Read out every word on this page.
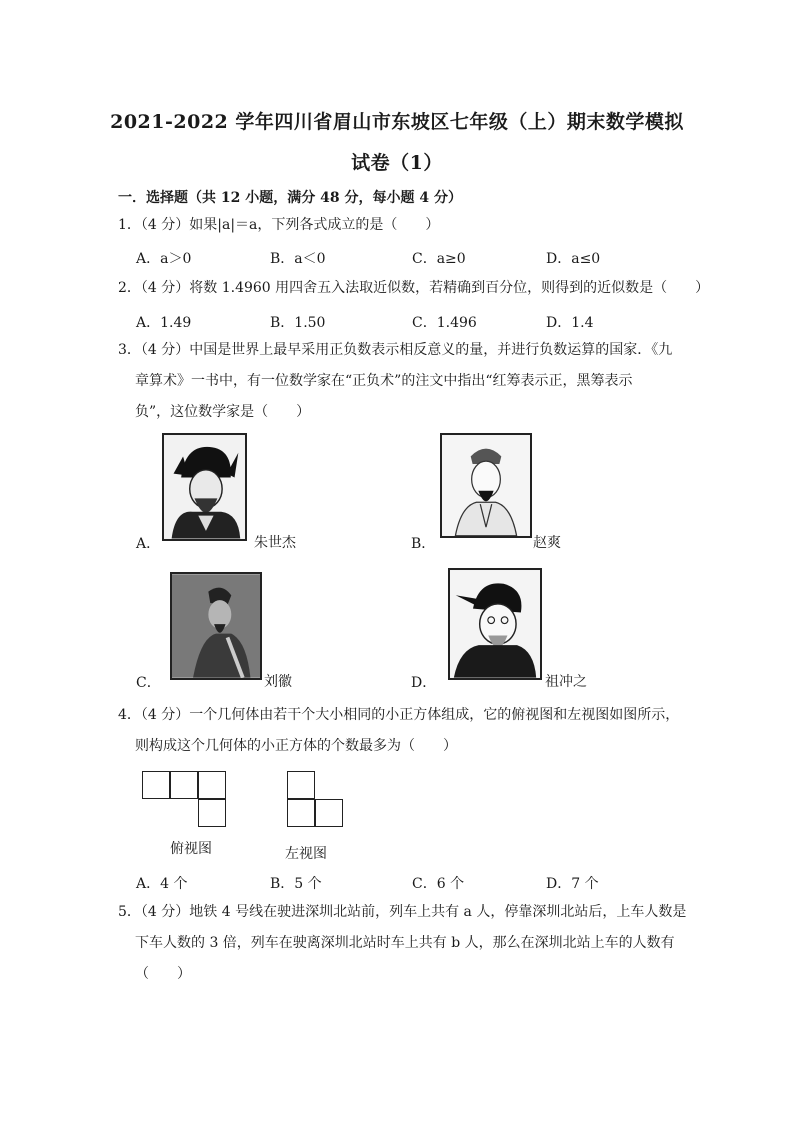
2021-2022 学年四川省眉山市东坡区七年级（上）期末数学模拟
试卷（1）
一．选择题（共 12 小题，满分 48 分，每小题 4 分）
1．（4 分）如果|a|＝a，下列各式成立的是（　　）
A．a＞0	B．a＜0	C．a≥0	D．a≤0
2．（4 分）将数 1.4960 用四舍五入法取近似数，若精确到百分位，则得到的近似数是（　　）
A．1.49	B．1.50	C．1.496	D．1.4
3．（4 分）中国是世界上最早采用正负数表示相反意义的量，并进行负数运算的国家．《九
章算术》一书中，有一位数学家在“正负术”的注文中指出“红筹表示正，黑筹表示
负”，这位数学家是（　　）
A．	B．
朱世杰	赵爽
C．	D．
刘徽	祖冲之
4．（4 分）一个几何体由若干个大小相同的小正方体组成，它的俯视图和左视图如图所示，
则构成这个几何体的小正方体的个数最多为（　　）
俯视图	左视图
A．4 个	B．5 个	C．6 个	D．7 个
5．（4 分）地铁 4 号线在驶进深圳北站前，列车上共有 a 人，停靠深圳北站后，上车人数是
下车人数的 3 倍，列车在驶离深圳北站时车上共有 b 人，那么在深圳北站上车的人数有
（　　）
